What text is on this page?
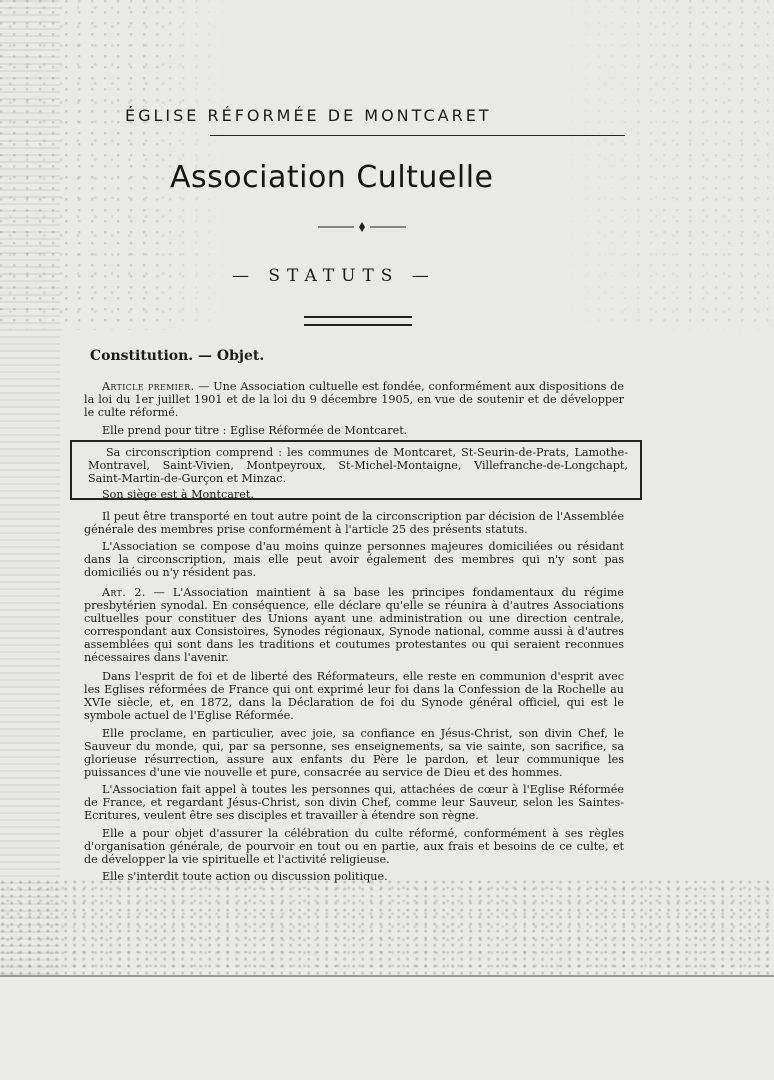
ÉGLISE RÉFORMÉE DE MONTCARET
Association Cultuelle
— STATUTS —
Constitution. — Objet.
Article premier. — Une Association cultuelle est fondée, conformément aux dispositions de la loi du 1er juillet 1901 et de la loi du 9 décembre 1905, en vue de soutenir et de développer le culte réformé.
Elle prend pour titre : Eglise Réformée de Montcaret.
Sa circonscription comprend : les communes de Montcaret, St-Seurin-de-Prats, Lamothe-Montravel, Saint-Vivien, Montpeyroux, St-Michel-Montaigne, Villefranche-de-Longchapt, Saint-Martin-de-Gurçon et Minzac.
Son siège est à Montcaret.
Il peut être transporté en tout autre point de la circonscription par décision de l'Assemblée générale des membres prise conformément à l'article 25 des présents statuts.
L'Association se compose d'au moins quinze personnes majeures domiciliées ou résidant dans la circonscription, mais elle peut avoir également des membres qui n'y sont pas domiciliés ou n'y résident pas.
Art. 2. — L'Association maintient à sa base les principes fondamentaux du régime presbytérien synodal. En conséquence, elle déclare qu'elle se réunira à d'autres Associations cultuelles pour constituer des Unions ayant une administration ou une direction centrale, correspondant aux Consistoires, Synodes régionaux, Synode national, comme aussi à d'autres assemblées qui sont dans les traditions et coutumes protestantes ou qui seraient reconnues nécessaires dans l'avenir.
Dans l'esprit de foi et de liberté des Réformateurs, elle reste en communion d'esprit avec les Eglises réformées de France qui ont exprimé leur foi dans la Confession de la Rochelle au XVIe siècle, et, en 1872, dans la Déclaration de foi du Synode général officiel, qui est le symbole actuel de l'Eglise Réformée.
Elle proclame, en particulier, avec joie, sa confiance en Jésus-Christ, son divin Chef, le Sauveur du monde, qui, par sa personne, ses enseignements, sa vie sainte, son sacrifice, sa glorieuse résurrection, assure aux enfants du Père le pardon, et leur communique les puissances d'une vie nouvelle et pure, consacrée au service de Dieu et des hommes.
L'Association fait appel à toutes les personnes qui, attachées de cœur à l'Eglise Réformée de France, et regardant Jésus-Christ, son divin Chef, comme leur Sauveur, selon les Saintes-Ecritures, veulent être ses disciples et travailler à étendre son règne.
Elle a pour objet d'assurer la célébration du culte réformé, conformément à ses règles d'organisation générale, de pourvoir en tout ou en partie, aux frais et besoins de ce culte, et de développer la vie spirituelle et l'activité religieuse.
Elle s'interdit toute action ou discussion politique.
